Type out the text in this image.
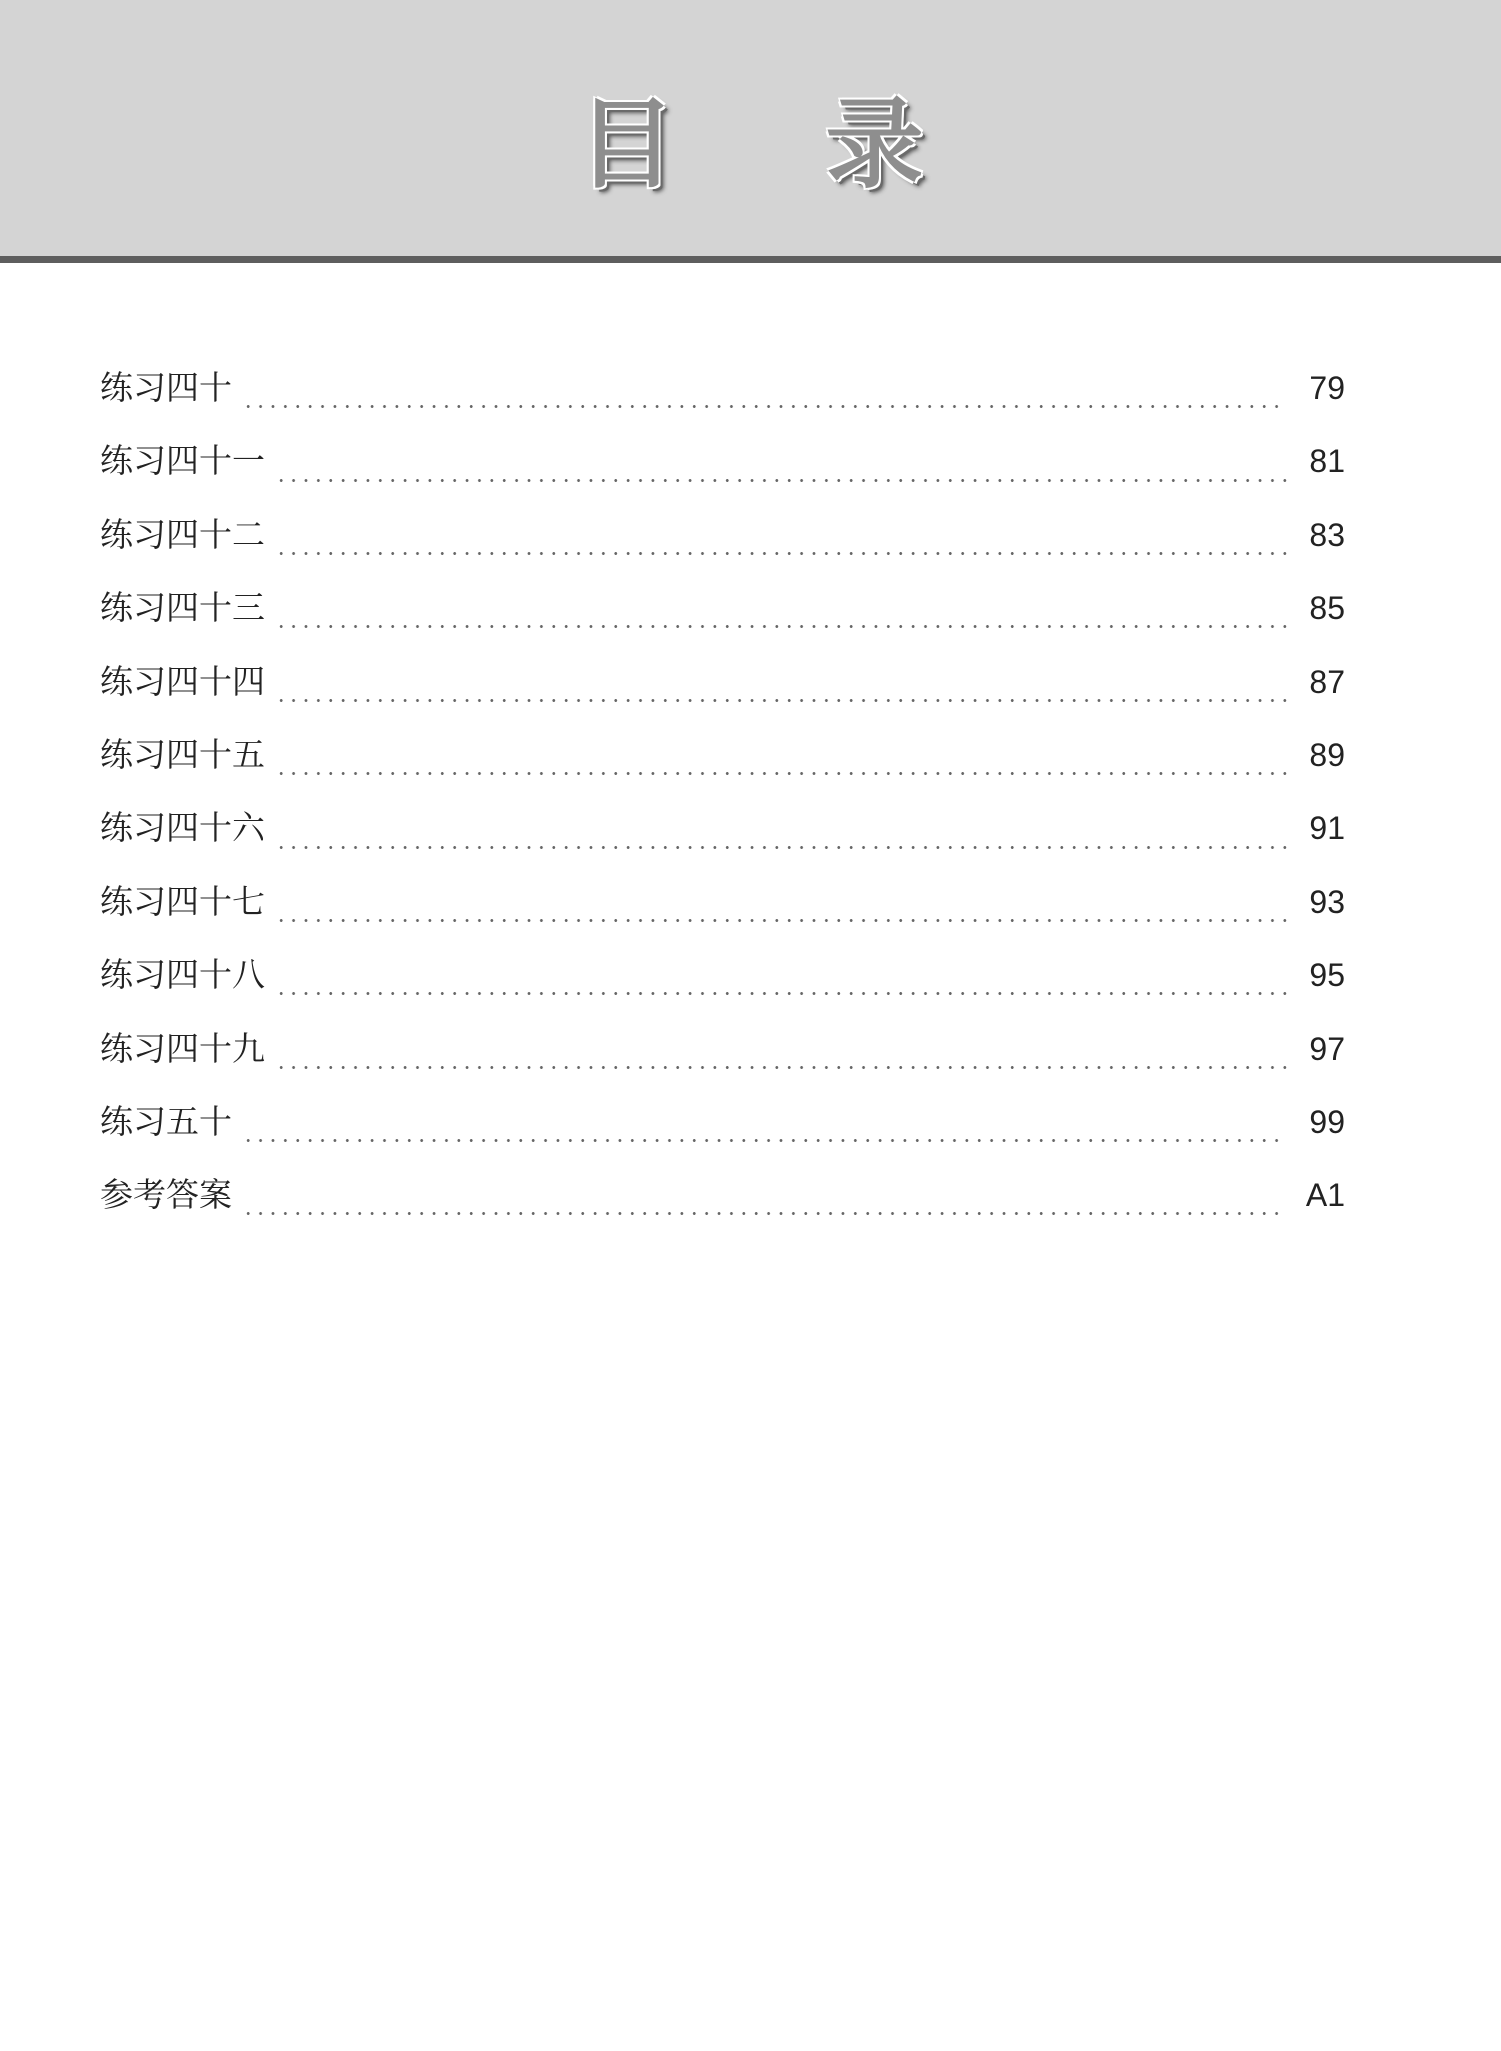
目 录
练习四十	79
练习四十一	81
练习四十二	83
练习四十三	85
练习四十四	87
练习四十五	89
练习四十六	91
练习四十七	93
练习四十八	95
练习四十九	97
练习五十	99
参考答案	A1
